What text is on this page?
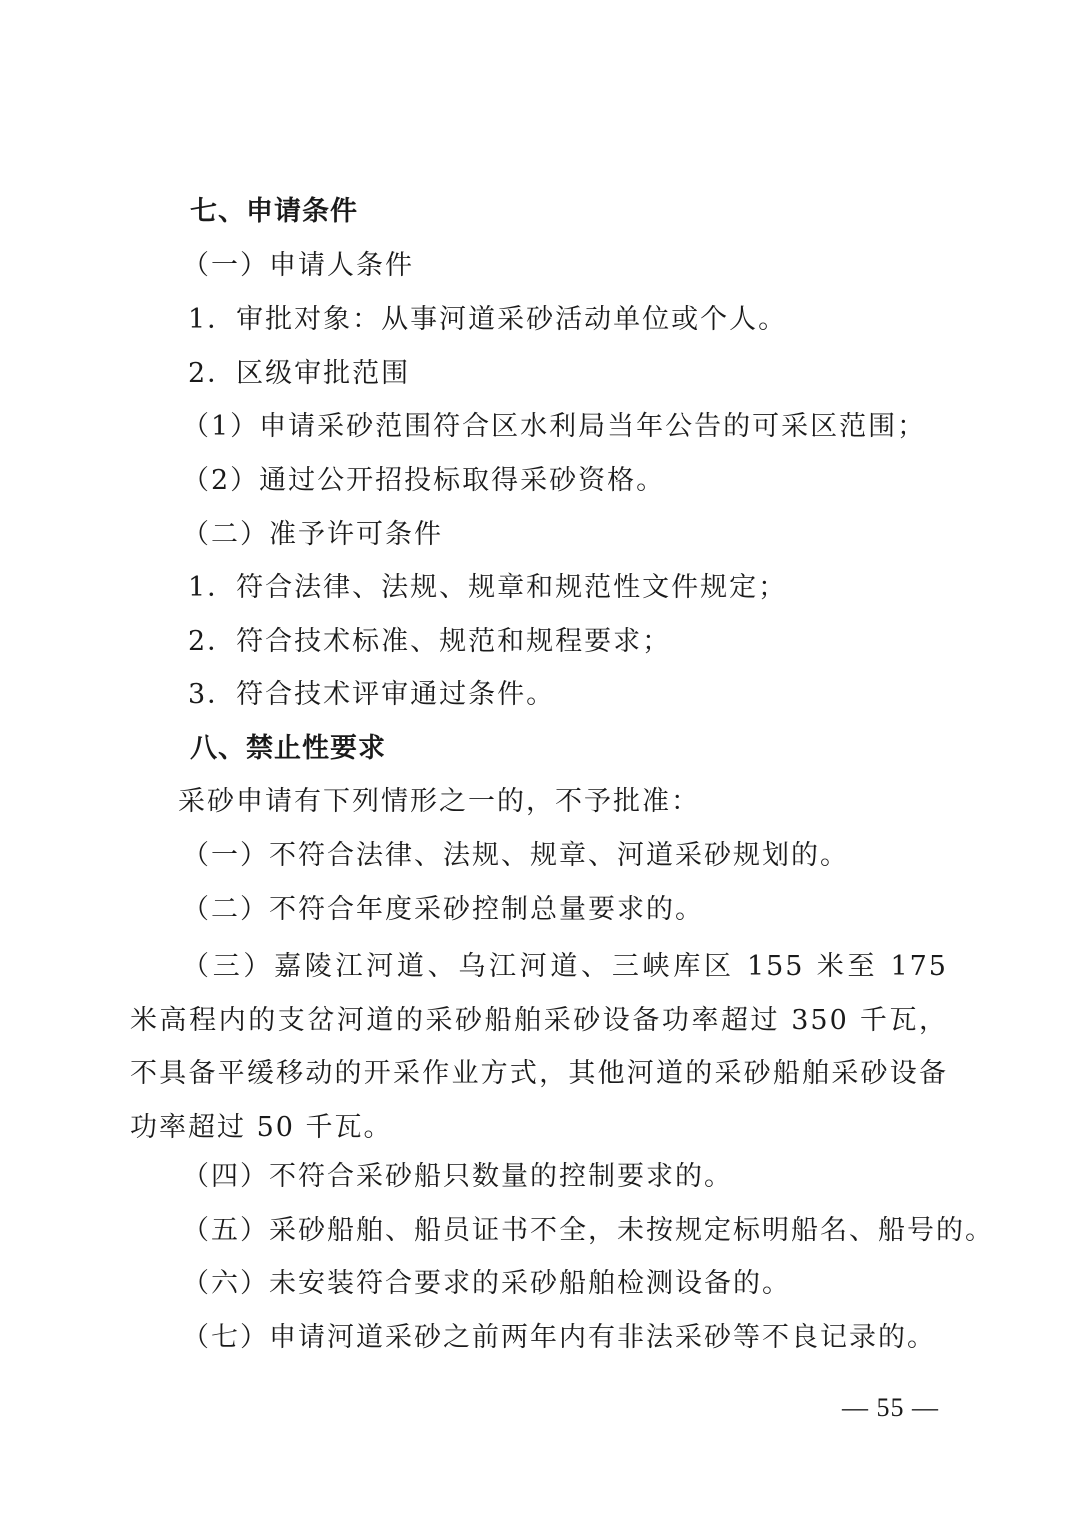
七、申请条件
（一）申请人条件
1．审批对象：从事河道采砂活动单位或个人。
2．区级审批范围
（1）申请采砂范围符合区水利局当年公告的可采区范围；
（2）通过公开招投标取得采砂资格。
（二）准予许可条件
1．符合法律、法规、规章和规范性文件规定；
2．符合技术标准、规范和规程要求；
3．符合技术评审通过条件。
八、禁止性要求
采砂申请有下列情形之一的，不予批准：
（一）不符合法律、法规、规章、河道采砂规划的。
（二）不符合年度采砂控制总量要求的。
（三）嘉陵江河道、乌江河道、三峡库区 155 米至 175 米高程内的支岔河道的采砂船舶采砂设备功率超过 350 千瓦，不具备平缓移动的开采作业方式，其他河道的采砂船舶采砂设备功率超过 50 千瓦。
（四）不符合采砂船只数量的控制要求的。
（五）采砂船舶、船员证书不全，未按规定标明船名、船号的。
（六）未安装符合要求的采砂船舶检测设备的。
（七）申请河道采砂之前两年内有非法采砂等不良记录的。
— 55 —
